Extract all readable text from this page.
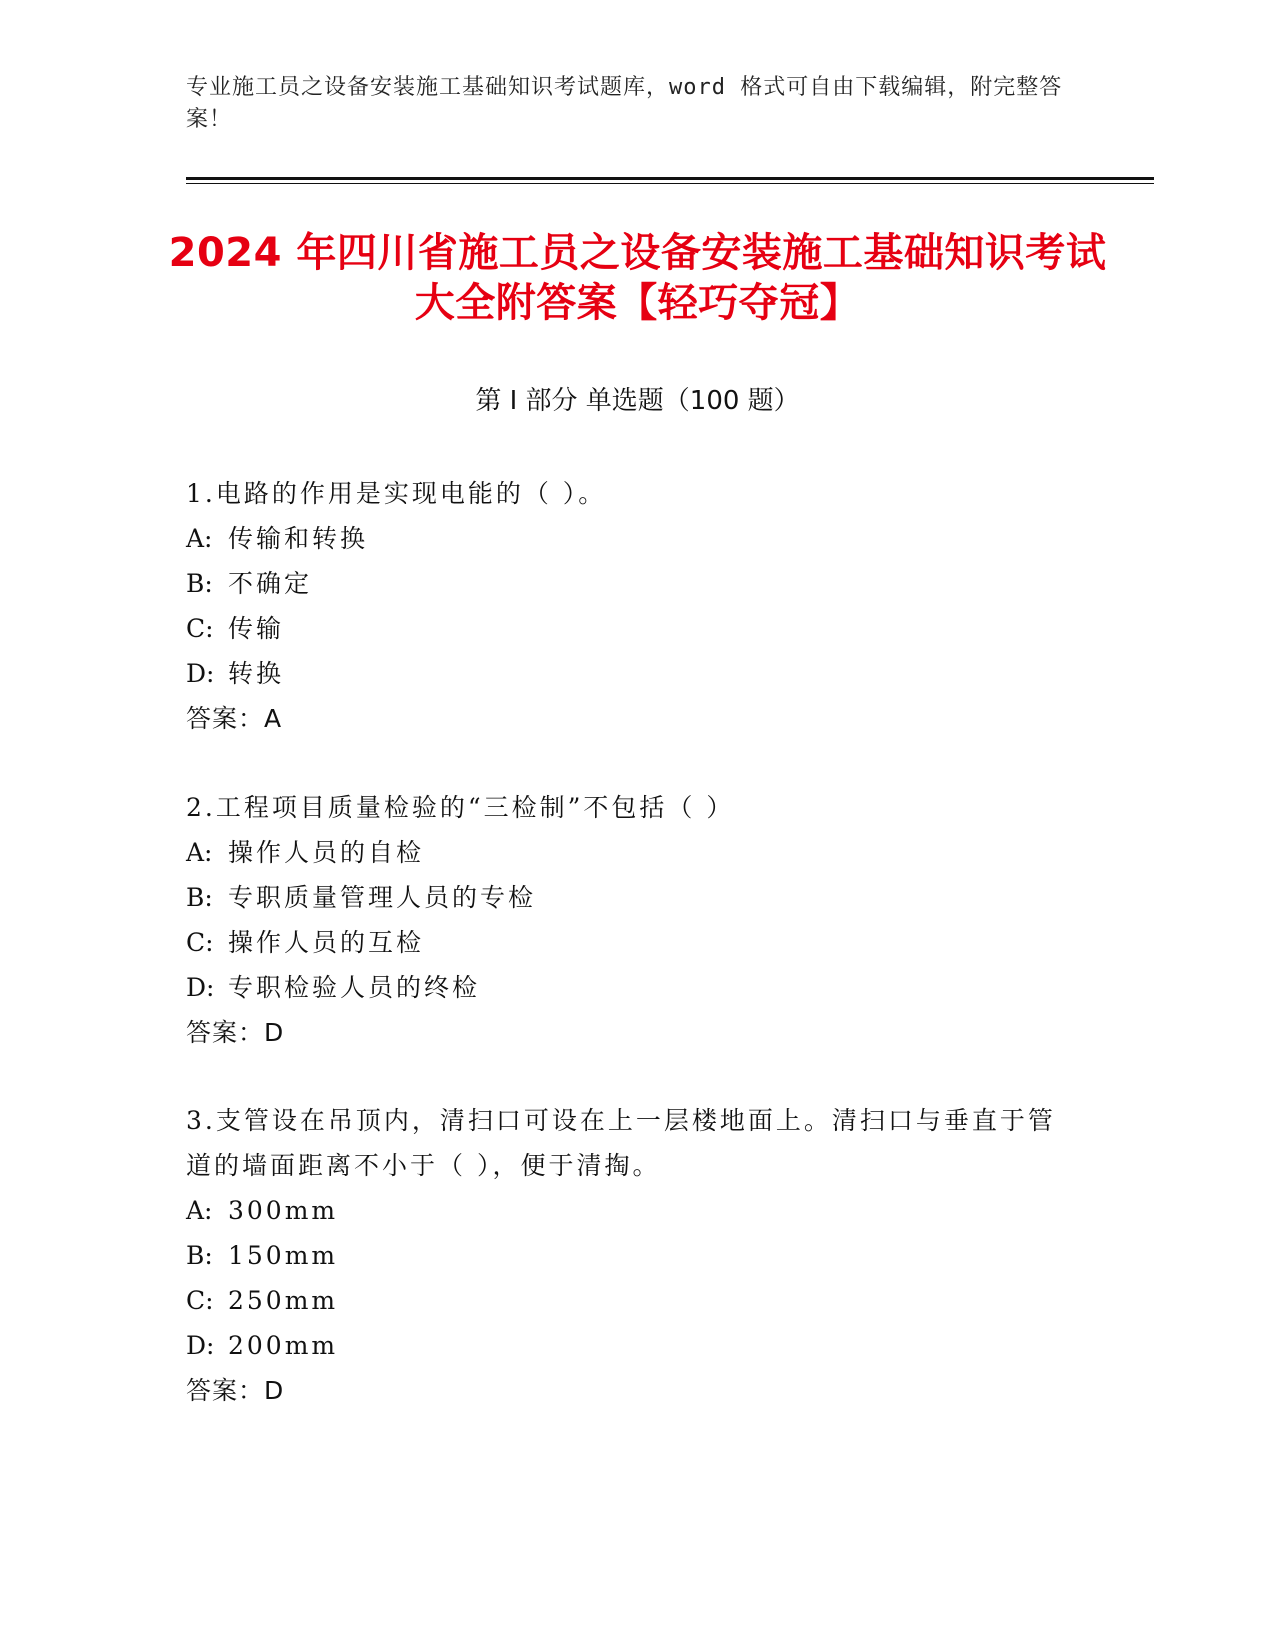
专业施工员之设备安装施工基础知识考试题库，word 格式可自由下载编辑，附完整答案！
2024 年四川省施工员之设备安装施工基础知识考试大全附答案【轻巧夺冠】
第 I 部分 单选题（100 题）

1.电路的作用是实现电能的（ ）。

A: 传输和转换

B: 不确定

C: 传输

D: 转换

答案：A

2.工程项目质量检验的“三检制”不包括（ ）

A: 操作人员的自检

B: 专职质量管理人员的专检

C: 操作人员的互检

D: 专职检验人员的终检

答案：D

3.支管设在吊顶内，清扫口可设在上一层楼地面上。清扫口与垂直于管道的墙面距离不小于（ ），便于清掏。

A: 300mm

B: 150mm

C: 250mm

D: 200mm

答案：D
